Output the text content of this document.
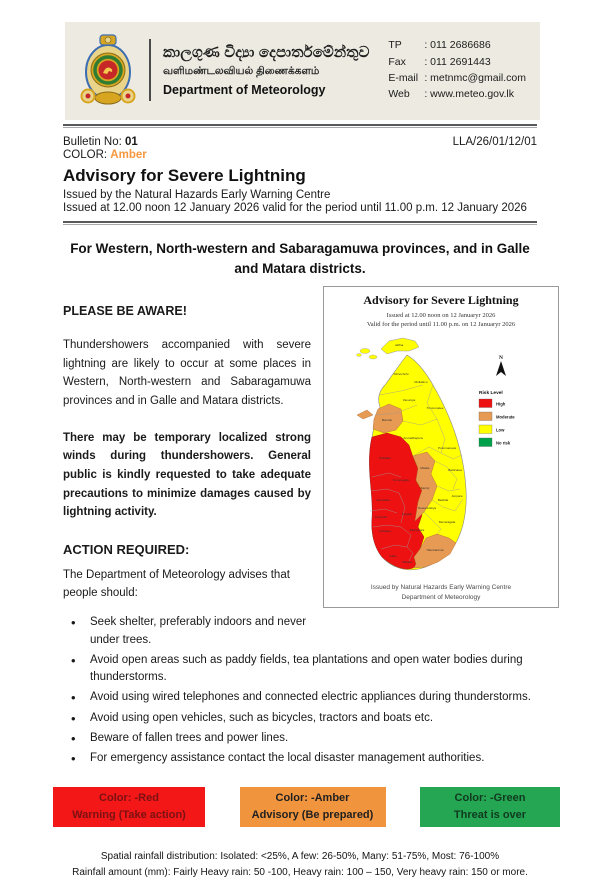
කාලගුණ විද්‍යා දෙපාර්තමේන්තුව
வளிமண்டலவியல் திணைக்களம்
Department of Meteorology
TP	: 011 2686686
Fax	: 011 2691443
E-mail : metnmc@gmail.com
Web	: www.meteo.gov.lk
Bulletin No: 01	LLA/26/01/12/01
COLOR: Amber
Advisory for Severe Lightning
Issued by the Natural Hazards Early Warning Centre
Issued at 12.00 noon 12 January 2026 valid for the period until 11.00 p.m. 12 January 2026
For Western, North-western and Sabaragamuwa provinces, and in Galle and Matara districts.
Advisory for Severe Lightning
Issued at 12.00 noon on 12 Januaryr 2026
Valid for the period until 11.00 p.m. on 12 Januaryr 2026
Jaffna
Kilinochchi
Mullaitivu
Mannar
Vavuniya
Trincomalee
Anuradhapura
Polonnaruwa
Puttalam
Kurunegala
Matale	Batticaloa
Kandy
Ampara
Badulla
Nuwara Eliya
Kegalle
Monaragala
Gampaha
Colombo
Ratnapura
Kalutara
Hambantota
Galle
Matara
N
Risk Level
High
Moderate
Low
No risk
Issued by Natural Hazards Early Warning Centre
Department of Meteorology
PLEASE BE AWARE!
Thundershowers accompanied with severe lightning are likely to occur at some places in Western, North-western and Sabaragamuwa provinces and in Galle and Matara districts.
There may be temporary localized strong winds during thundershowers. General public is kindly requested to take adequate precautions to minimize damages caused by lightning activity.
ACTION REQUIRED:
The Department of Meteorology advises that people should:
• Seek shelter, preferably indoors and never under trees.
• Avoid open areas such as paddy fields, tea plantations and open water bodies during thunderstorms.
• Avoid using wired telephones and connected electric appliances during thunderstorms.
• Avoid using open vehicles, such as bicycles, tractors and boats etc.
• Beware of fallen trees and power lines.
• For emergency assistance contact the local disaster management authorities.
Color: -Red
Warning (Take action)
Color: -Amber
Advisory (Be prepared)
Color: -Green
Threat is over
Spatial rainfall distribution: Isolated: <25%, A few: 26-50%, Many: 51-75%, Most: 76-100%
Rainfall amount (mm): Fairly Heavy rain: 50 -100, Heavy rain: 100 – 150, Very heavy rain: 150 or more.
